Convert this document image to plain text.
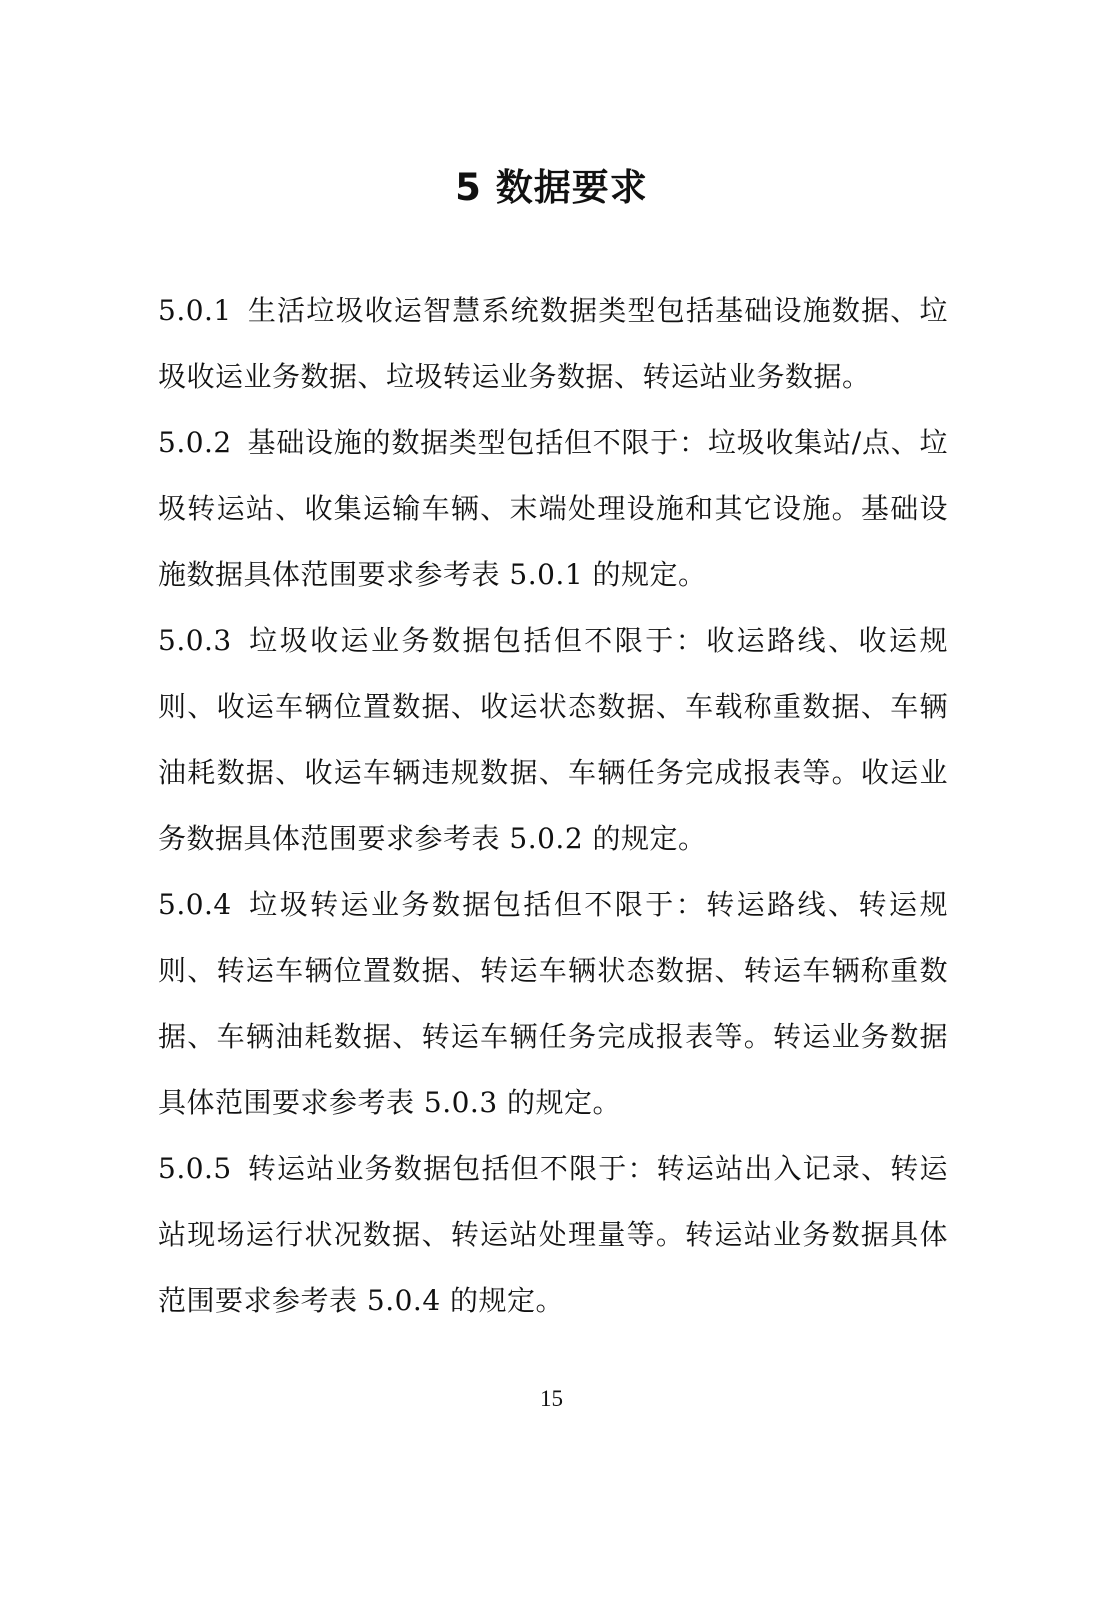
5 数据要求

5.0.1 生活垃圾收运智慧系统数据类型包括基础设施数据、垃圾收运业务数据、垃圾转运业务数据、转运站业务数据。

5.0.2 基础设施的数据类型包括但不限于：垃圾收集站/点、垃圾转运站、收集运输车辆、末端处理设施和其它设施。基础设施数据具体范围要求参考表 5.0.1 的规定。

5.0.3 垃圾收运业务数据包括但不限于：收运路线、收运规则、收运车辆位置数据、收运状态数据、车载称重数据、车辆油耗数据、收运车辆违规数据、车辆任务完成报表等。收运业务数据具体范围要求参考表 5.0.2 的规定。

5.0.4 垃圾转运业务数据包括但不限于：转运路线、转运规则、转运车辆位置数据、转运车辆状态数据、转运车辆称重数据、车辆油耗数据、转运车辆任务完成报表等。转运业务数据具体范围要求参考表 5.0.3 的规定。

5.0.5 转运站业务数据包括但不限于：转运站出入记录、转运站现场运行状况数据、转运站处理量等。转运站业务数据具体范围要求参考表 5.0.4 的规定。

15
